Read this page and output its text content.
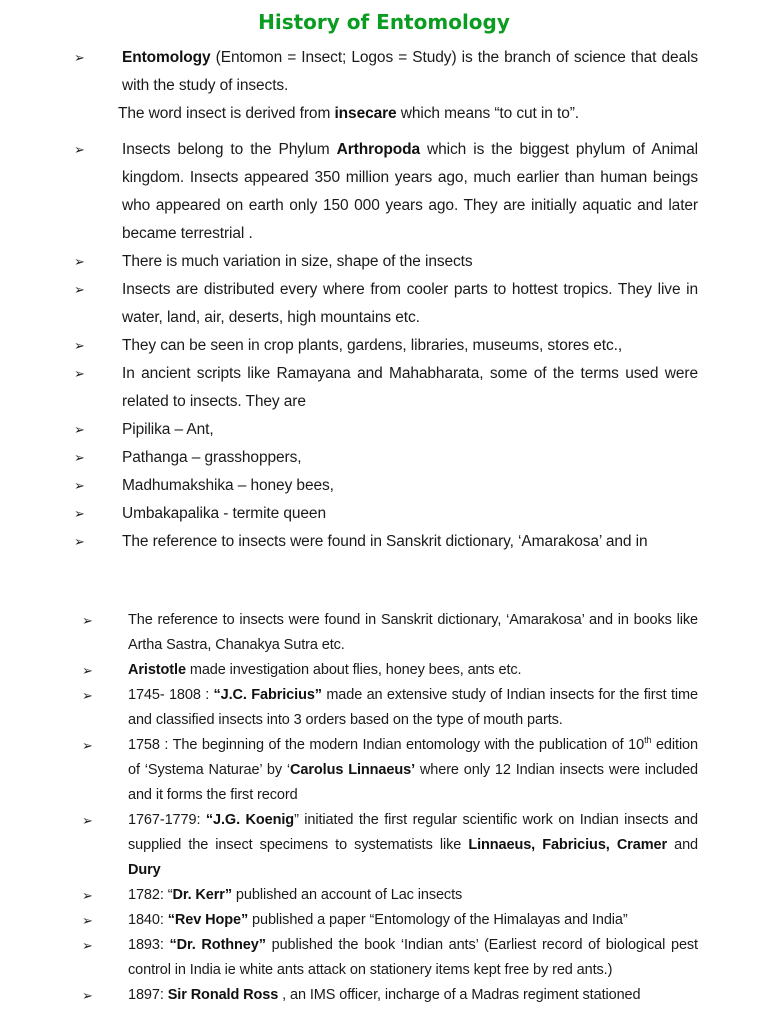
History of Entomology
➢ Entomology (Entomon = Insect; Logos = Study) is the branch of science that deals with the study of insects.
The word insect is derived from insecare which means “to cut in to”.
➢ Insects belong to the Phylum Arthropoda which is the biggest phylum of Animal kingdom. Insects appeared 350 million years ago, much earlier than human beings who appeared on earth only 150 000 years ago. They are initially aquatic and later became terrestrial .
➢ There is much variation in size, shape of the insects
➢ Insects are distributed every where from cooler parts to hottest tropics. They live in water, land, air, deserts, high mountains etc.
➢ They can be seen in crop plants, gardens, libraries, museums, stores etc.,
➢ In ancient scripts like Ramayana and Mahabharata, some of the terms used were related to insects. They are
➢ Pipilika – Ant,
➢ Pathanga – grasshoppers,
➢ Madhumakshika – honey bees,
➢ Umbakapalika - termite queen
➢ The reference to insects were found in Sanskrit dictionary, ‘Amarakosa’ and in
➢ The reference to insects were found in Sanskrit dictionary, ‘Amarakosa’ and in books like Artha Sastra, Chanakya Sutra etc.
➢ Aristotle made investigation about flies, honey bees, ants etc.
➢ 1745- 1808 : “J.C. Fabricius” made an extensive study of Indian insects for the first time and classified insects into 3 orders based on the type of mouth parts.
➢ 1758 : The beginning of the modern Indian entomology with the publication of 10th edition of ‘Systema Naturae’ by ‘Carolus Linnaeus’ where only 12 Indian insects were included and it forms the first record
➢ 1767-1779: “J.G. Koenig” initiated the first regular scientific work on Indian insects and supplied the insect specimens to systematists like Linnaeus, Fabricius, Cramer and Dury
➢ 1782: “Dr. Kerr” published an account of Lac insects
➢ 1840: “Rev Hope” published a paper “Entomology of the Himalayas and India”
➢ 1893: “Dr. Rothney” published the book ‘Indian ants’ (Earliest record of biological pest control in India ie white ants attack on stationery items kept free by red ants.)
➢ 1897: Sir Ronald Ross , an IMS officer, incharge of a Madras regiment stationed
